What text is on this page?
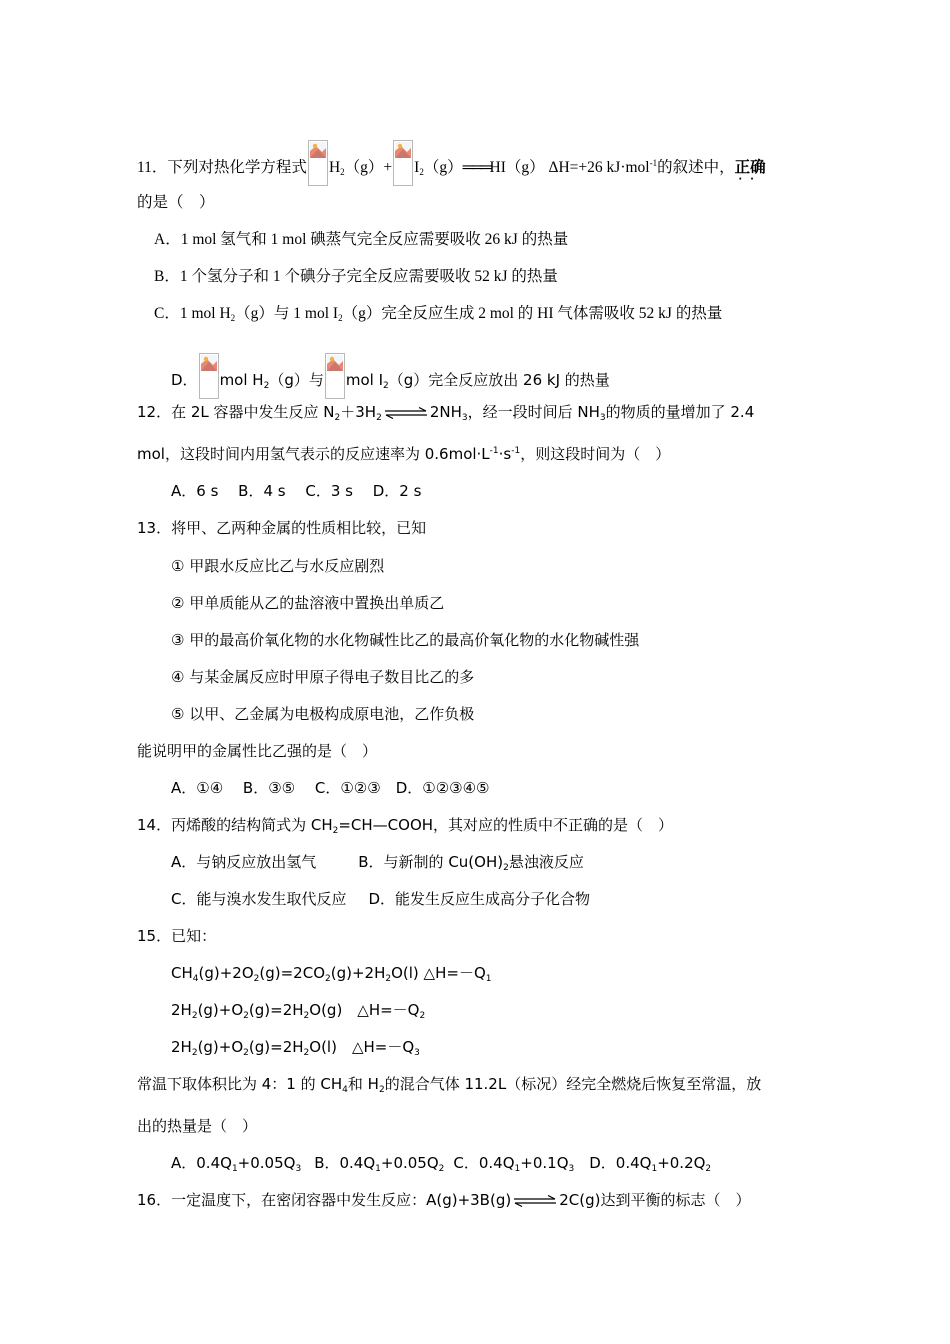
11．下列对热化学方程式 $H_2(g)+$ $I_2(g)═══HI(g)$ ΔH=+26 kJ·mol$^{-1}$的叙述中，正确
··
的是（　）
A．1 mol 氢气和 1 mol 碘蒸气完全反应需要吸收 26 kJ 的热量
B．1 个氢分子和 1 个碘分子完全反应需要吸收 52 kJ 的热量
C．1 mol $H_2(g)$与 1 mol $I_2(g)$完全反应生成 2 mol 的 HI 气体需吸收 52 kJ 的热量
D． mol $H_2(g)$与 mol $I_2(g)$完全反应放出 26 kJ 的热量
12．在 2L 容器中发生反应 $N_2+3H_2$ ⇌ $2NH_3$，经一段时间后 $NH_3$的物质的量增加了 2.4
mol，这段时间内用氢气表示的反应速率为 $0.6mol\cdot L^{-1}\cdot s^{-1}$，则这段时间为（　）
A．6 s　 B．4 s　 C．3 s　 D．2 s
13．将甲、乙两种金属的性质相比较，已知
① 甲跟水反应比乙与水反应剧烈
② 甲单质能从乙的盐溶液中置换出单质乙
③ 甲的最高价氧化物的水化物碱性比乙的最高价氧化物的水化物碱性强
④ 与某金属反应时甲原子得电子数目比乙的多
⑤ 以甲、乙金属为电极构成原电池，乙作负极
能说明甲的金属性比乙强的是（　）
A．①④　 B．③⑤　 C．①②③　D．①②③④⑤
14．丙烯酸的结构简式为 $CH_2=CH—COOH$，其对应的性质中不正确的是（　）
A．与钠反应放出氢气	B．与新制的 $Cu(OH)_2$悬浊液反应
C．能与溴水发生取代反应 D．能发生反应生成高分子化合物
15．已知：
$CH_4(g)+2O_2(g)=2CO_2(g)+2H_2O(l)$ $\triangle H=-Q_1$
$2H_2(g)+O_2(g)=2H_2O(g)$　$\triangle H=-Q_2$
$2H_2(g)+O_2(g)=2H_2O(l)$　$\triangle H=-Q_3$
常温下取体积比为 4：1 的 $CH_4$和 $H_2$的混合气体 11.2L（标况）经完全燃烧后恢复至常温，放
出的热量是（　）
A．$0.4Q_1+0.05Q_3$ B．$0.4Q_1+0.05Q_2$ C．$0.4Q_1+0.1Q_3$ D．$0.4Q_1+0.2Q_2$
16．一定温度下，在密闭容器中发生反应：A(g)+3B(g) ⇌ 2C(g)达到平衡的标志（　）
